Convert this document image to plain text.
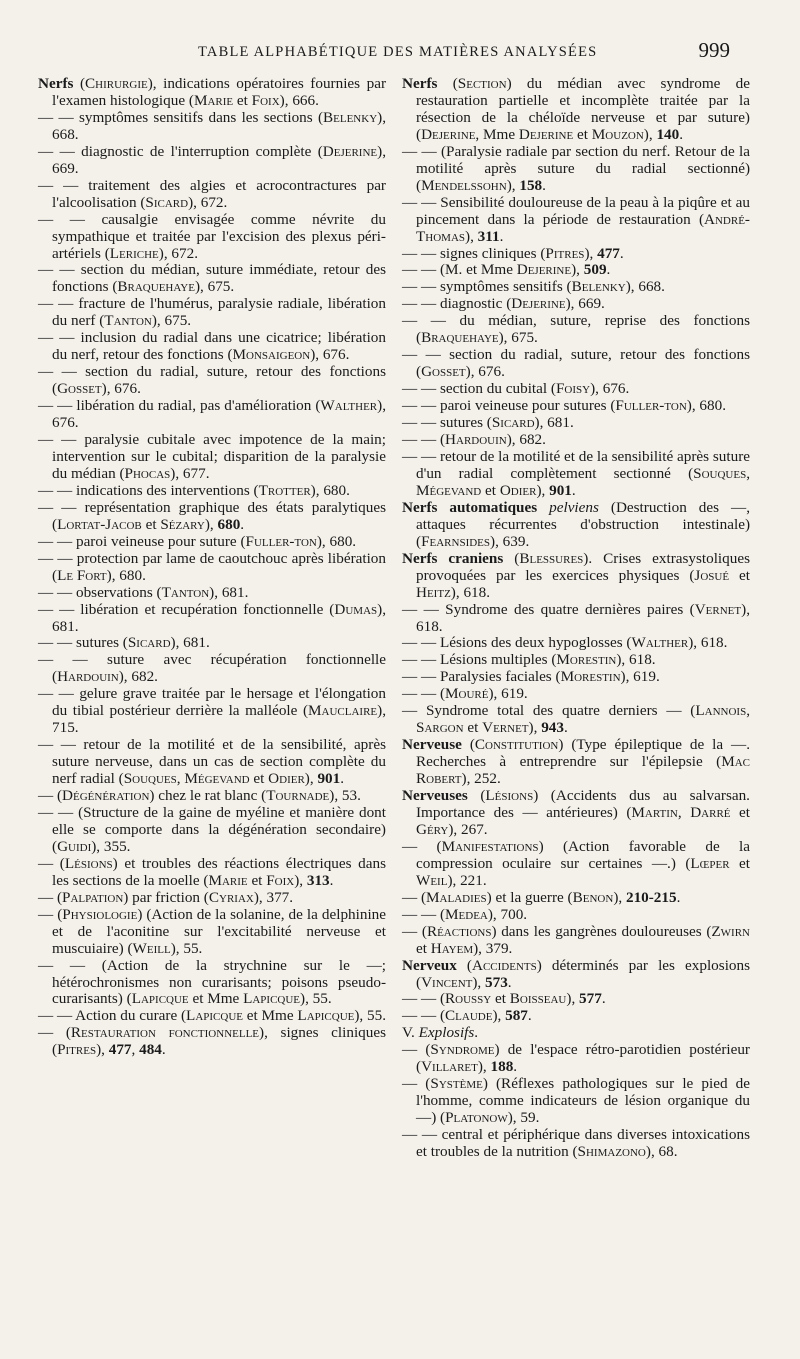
TABLE ALPHABÉTIQUE DES MATIÈRES ANALYSÉES	999

Nerfs (Chirurgie), indications opératoires fournies par l'examen histologique (Marie et Foix), 666.

— — symptômes sensitifs dans les sections (Belenky), 668.

— — diagnostic de l'interruption complète (Dejerine), 669.

— — traitement des algies et acrocontractures par l'alcoolisation (Sicard), 672.

— — causalgie envisagée comme névrite du sympathique et traitée par l'excision des plexus péri-artériels (Leriche), 672.

— — section du médian, suture immédiate, retour des fonctions (Braquehaye), 675.

— — fracture de l'humérus, paralysie radiale, libération du nerf (Tanton), 675.

— — inclusion du radial dans une cicatrice; libération du nerf, retour des fonctions (Monsaigeon), 676.

— — section du radial, suture, retour des fonctions (Gosset), 676.

— — libération du radial, pas d'amélioration (Walther), 676.

— — paralysie cubitale avec impotence de la main; intervention sur le cubital; disparition de la paralysie du médian (Phocas), 677.

— — indications des interventions (Trotter), 680.

— — représentation graphique des états paralytiques (Lortat-Jacob et Sézary), 680.

— — paroi veineuse pour suture (Fuller-ton), 680.

— — protection par lame de caoutchouc après libération (Le Fort), 680.

— — observations (Tanton), 681.

— — libération et recupération fonctionnelle (Dumas), 681.

— — sutures (Sicard), 681.

— — suture avec récupération fonctionnelle (Hardouin), 682.

— — gelure grave traitée par le hersage et l'élongation du tibial postérieur derrière la malléole (Mauclaire), 715.

— — retour de la motilité et de la sensibilité, après suture nerveuse, dans un cas de section complète du nerf radial (Souques, Mégevand et Odier), 901.

— (Dégénération) chez le rat blanc (Tournade), 53.

— — (Structure de la gaine de myéline et manière dont elle se comporte dans la dégénération secondaire) (Guidi), 355.

— (Lésions) et troubles des réactions électriques dans les sections de la moelle (Marie et Foix), 313.

— (Palpation) par friction (Cyriax), 377.

— (Physiologie) (Action de la solanine, de la delphinine et de l'aconitine sur l'excitabilité nerveuse et muscuiaire) (Weill), 55.

— — (Action de la strychnine sur le —; hétérochronismes non curarisants; poisons pseudo-curarisants) (Lapicque et Mme Lapicque), 55.

— — Action du curare (Lapicque et Mme Lapicque), 55.

— (Restauration fonctionnelle), signes cliniques (Pitres), 477, 484.

Nerfs (Section) du médian avec syndrome de restauration partielle et incomplète traitée par la résection de la chéloïde nerveuse et par suture) (Dejerine, Mme Dejerine et Mouzon), 140.

— — (Paralysie radiale par section du nerf. Retour de la motilité après suture du radial sectionné) (Mendelssohn), 158.

— — Sensibilité douloureuse de la peau à la piqûre et au pincement dans la période de restauration (André-Thomas), 311.

— — signes cliniques (Pitres), 477.

— — (M. et Mme Dejerine), 509.

— — symptômes sensitifs (Belenky), 668.

— — diagnostic (Dejerine), 669.

— — du médian, suture, reprise des fonctions (Braquehaye), 675.

— — section du radial, suture, retour des fonctions (Gosset), 676.

— — section du cubital (Foisy), 676.

— — paroi veineuse pour sutures (Fuller-ton), 680.

— — sutures (Sicard), 681.

— — (Hardouin), 682.

— — retour de la motilité et de la sensibilité après suture d'un radial complètement sectionné (Souques, Mégevand et Odier), 901.

Nerfs automatiques pelviens (Destruction des —, attaques récurrentes d'obstruction intestinale) (Fearnsides), 639.

Nerfs craniens (Blessures). Crises extrasystoliques provoquées par les exercices physiques (Josué et Heitz), 618.

— — Syndrome des quatre dernières paires (Vernet), 618.

— — Lésions des deux hypoglosses (Walther), 618.

— — Lésions multiples (Morestin), 618.

— — Paralysies faciales (Morestin), 619.

— — (Mouré), 619.

— Syndrome total des quatre derniers — (Lannois, Sargon et Vernet), 943.

Nerveuse (Constitution) (Type épileptique de la —. Recherches à entreprendre sur l'épilepsie (Mac Robert), 252.

Nerveuses (Lésions) (Accidents dus au salvarsan. Importance des — antérieures) (Martin, Darré et Géry), 267.

— (Manifestations) (Action favorable de la compression oculaire sur certaines —.) (Lœper et Weil), 221.

— (Maladies) et la guerre (Benon), 210-215.

— — (Medea), 700.

— (Réactions) dans les gangrènes douloureuses (Zwirn et Hayem), 379.

Nerveux (Accidents) déterminés par les explosions (Vincent), 573.

— — (Roussy et Boisseau), 577.

— — (Claude), 587.

V. Explosifs.

— (Syndrome) de l'espace rétro-parotidien postérieur (Villaret), 188.

— (Système) (Réflexes pathologiques sur le pied de l'homme, comme indicateurs de lésion organique du —) (Platonow), 59.

— — central et périphérique dans diverses intoxications et troubles de la nutrition (Shimazono), 68.
